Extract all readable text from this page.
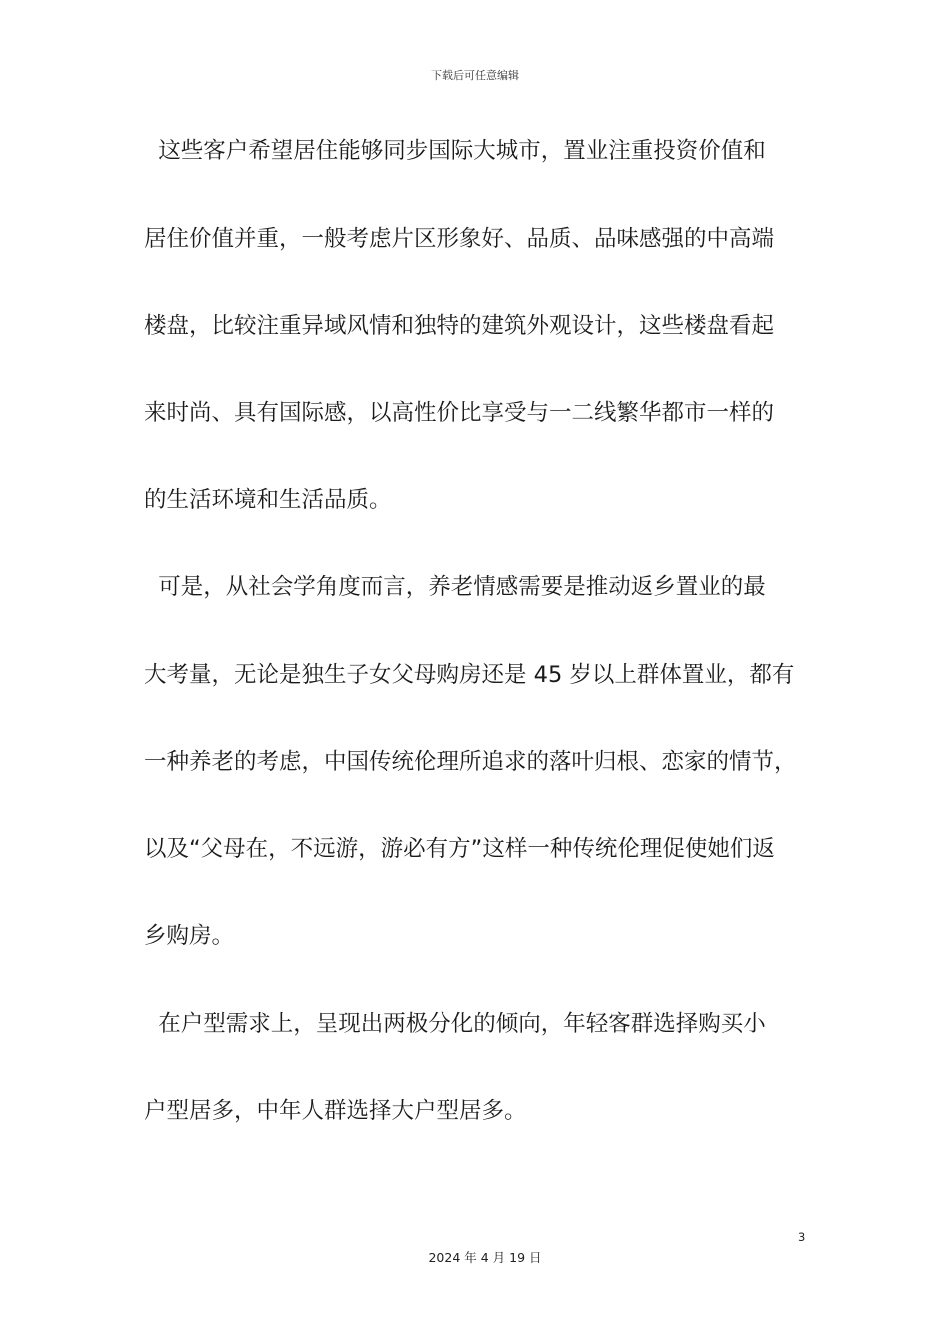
下载后可任意编辑
这些客户希望居住能够同步国际大城市，置业注重投资价值和
居住价值并重，一般考虑片区形象好、品质、品味感强的中高端
楼盘，比较注重异域风情和独特的建筑外观设计，这些楼盘看起
来时尚、具有国际感，以高性价比享受与一二线繁华都市一样的
的生活环境和生活品质。
可是，从社会学角度而言，养老情感需要是推动返乡置业的最
大考量，无论是独生子女父母购房还是 45 岁以上群体置业，都有
一种养老的考虑，中国传统伦理所追求的落叶归根、恋家的情节，
以及“父母在，不远游，游必有方”这样一种传统伦理促使她们返
乡购房。
在户型需求上，呈现出两极分化的倾向，年轻客群选择购买小
户型居多，中年人群选择大户型居多。
3
2024 年 4 月 19 日
